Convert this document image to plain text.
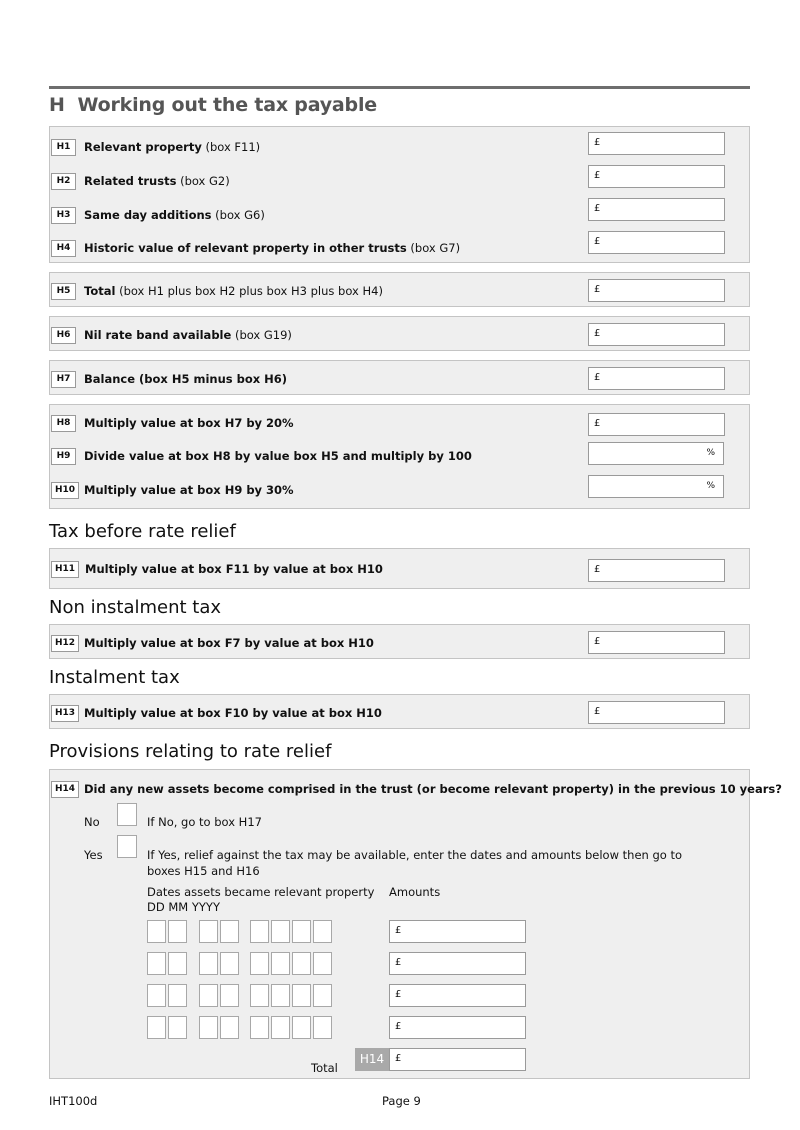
H Working out the tax payable
H1	Relevant property (box F11)	£
H2	Related trusts (box G2)	£
H3	Same day additions (box G6)	£
H4	Historic value of relevant property in other trusts (box G7)	£
H5	Total (box H1 plus box H2 plus box H3 plus box H4)	£
H6	Nil rate band available (box G19)	£
H7	Balance (box H5 minus box H6)	£
H8	Multiply value at box H7 by 20%	£
H9	Divide value at box H8 by value box H5 and multiply by 100	%
H10 Multiply value at box H9 by 30%	%
Tax before rate relief
H11 Multiply value at box F11 by value at box H10	£
Non instalment tax
H12 Multiply value at box F7 by value at box H10	£
Instalment tax
H13 Multiply value at box F10 by value at box H10	£
Provisions relating to rate relief
H14 Did any new assets become comprised in the trust (or become relevant property) in the previous 10 years?
No	If No, go to box H17
Yes	If Yes, relief against the tax may be available, enter the dates and amounts below then go to
boxes H15 and H16
Dates assets became relevant property
DD MM YYYY
Amounts
£
£
£
£
Total
H14	£
IHT100d	Page 9
